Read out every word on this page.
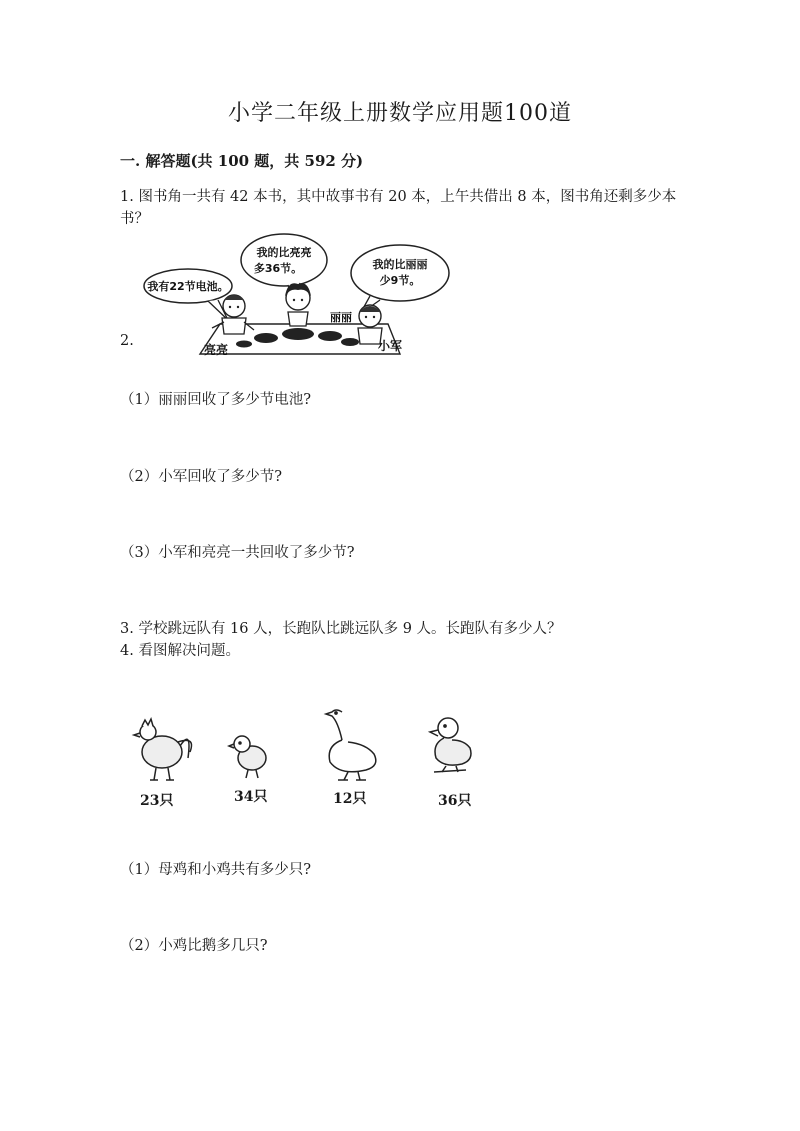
小学二年级上册数学应用题100道
一. 解答题(共 100 题，共 592 分)
1. 图书角一共有 42 本书，其中故事书有 20 本，上午共借出 8 本，图书角还剩多少本书？
2.
我有22节电池。
我的比亮亮
多36节。	我的比丽丽
少9节。
亮亮
丽丽
小军
（1）丽丽回收了多少节电池?
（2）小军回收了多少节?
（3）小军和亮亮一共回收了多少节?
3. 学校跳远队有 16 人，长跑队比跳远队多 9 人。长跑队有多少人？
4. 看图解决问题。
23只	34只	12只	36只
（1）母鸡和小鸡共有多少只?
（2）小鸡比鹅多几只?
